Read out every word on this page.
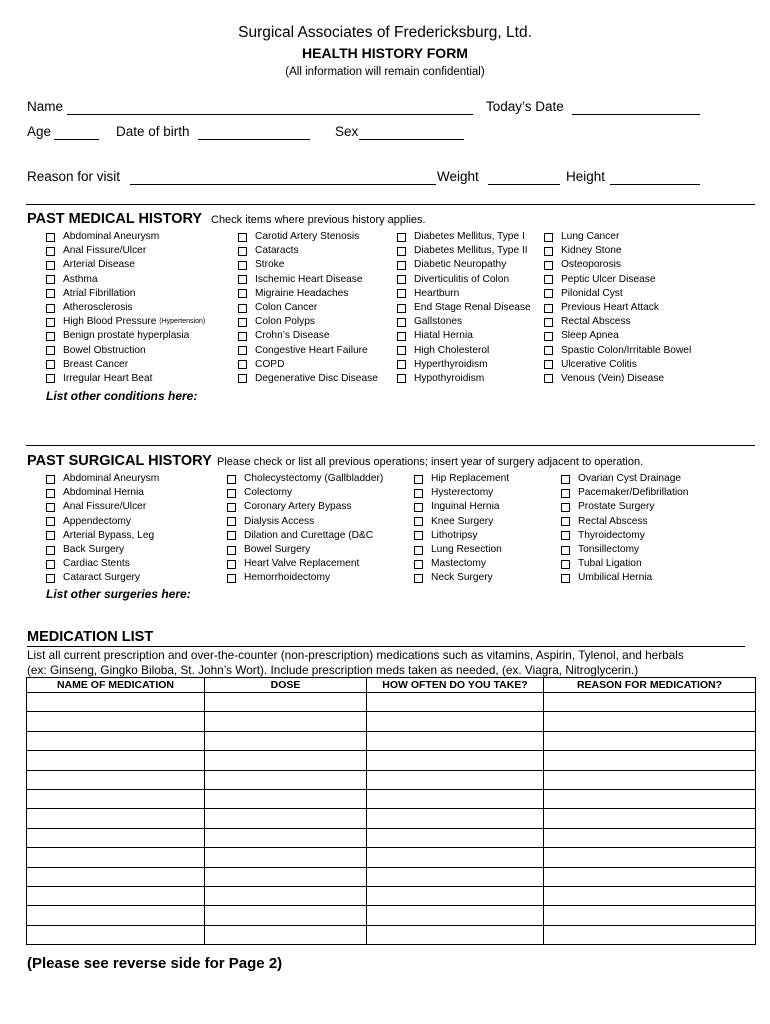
Surgical Associates of Fredericksburg, Ltd.
HEALTH HISTORY FORM
(All information will remain confidential)
Name	Today’s Date
Age	Date of birth	Sex
Reason for visit	Weight	Height
PAST MEDICAL HISTORY Check items where previous history applies.
Abdominal Aneurysm
Anal Fissure/Ulcer
Arterial Disease
Asthma
Atrial Fibrillation
Atherosclerosis
High Blood Pressure
(Hypertension)
Benign prostate hyperplasia
Bowel Obstruction
Breast Cancer
Irregular Heart Beat
Carotid Artery Stenosis
Cataracts
Stroke
Ischemic Heart Disease
Migraine Headaches
Colon Cancer
Colon Polyps
Crohn’s Disease
Congestive Heart Failure
COPD
Degenerative Disc Disease
Diabetes Mellitus, Type I
Diabetes Mellitus, Type II
Diabetic Neuropathy
Diverticulitis of Colon
Heartburn
End Stage Renal Disease
Gallstones
Hiatal Hernia
High Cholesterol
Hyperthyroidism
Hypothyroidism
Lung Cancer
Kidney Stone
Osteoporosis
Peptic Ulcer Disease
Pilonidal Cyst
Previous Heart Attack
Rectal Abscess
Sleep Apnea
Spastic Colon/Irritable Bowel
Ulcerative Colitis
Venous (Vein) Disease
List other conditions here:
PAST SURGICAL HISTORY Please check or list all previous operations; insert year of surgery adjacent to operation.
Abdominal Aneurysm
Abdominal Hernia
Anal Fissure/Ulcer
Appendectomy
Arterial Bypass, Leg
Back Surgery
Cardiac Stents
Cataract Surgery
Cholecystectomy (Gallbladder)
Colectomy
Coronary Artery Bypass
Dialysis Access
Dilation and Curettage (D&C
Bowel Surgery
Heart Valve Replacement
Hemorrhoidectomy
Hip Replacement
Hysterectomy
Inguinal Hernia
Knee Surgery
Lithotripsy
Lung Resection
Mastectomy
Neck Surgery
Ovarian Cyst Drainage
Pacemaker/Defibrillation
Prostate Surgery
Rectal Abscess
Thyroidectomy
Tonsillectomy
Tubal Ligation
Umbilical Hernia
List other surgeries here:
MEDICATION LIST
List all current prescription and over-the-counter (non-prescription) medications such as vitamins, Aspirin, Tylenol, and herbals
(ex: Ginseng, Gingko Biloba, St. John’s Wort). Include prescription meds taken as needed, (ex. Viagra, Nitroglycerin.)
NAME OF MEDICATION	DOSE	HOW OFTEN DO YOU TAKE?	REASON FOR MEDICATION?

(Please see reverse side for Page 2)
